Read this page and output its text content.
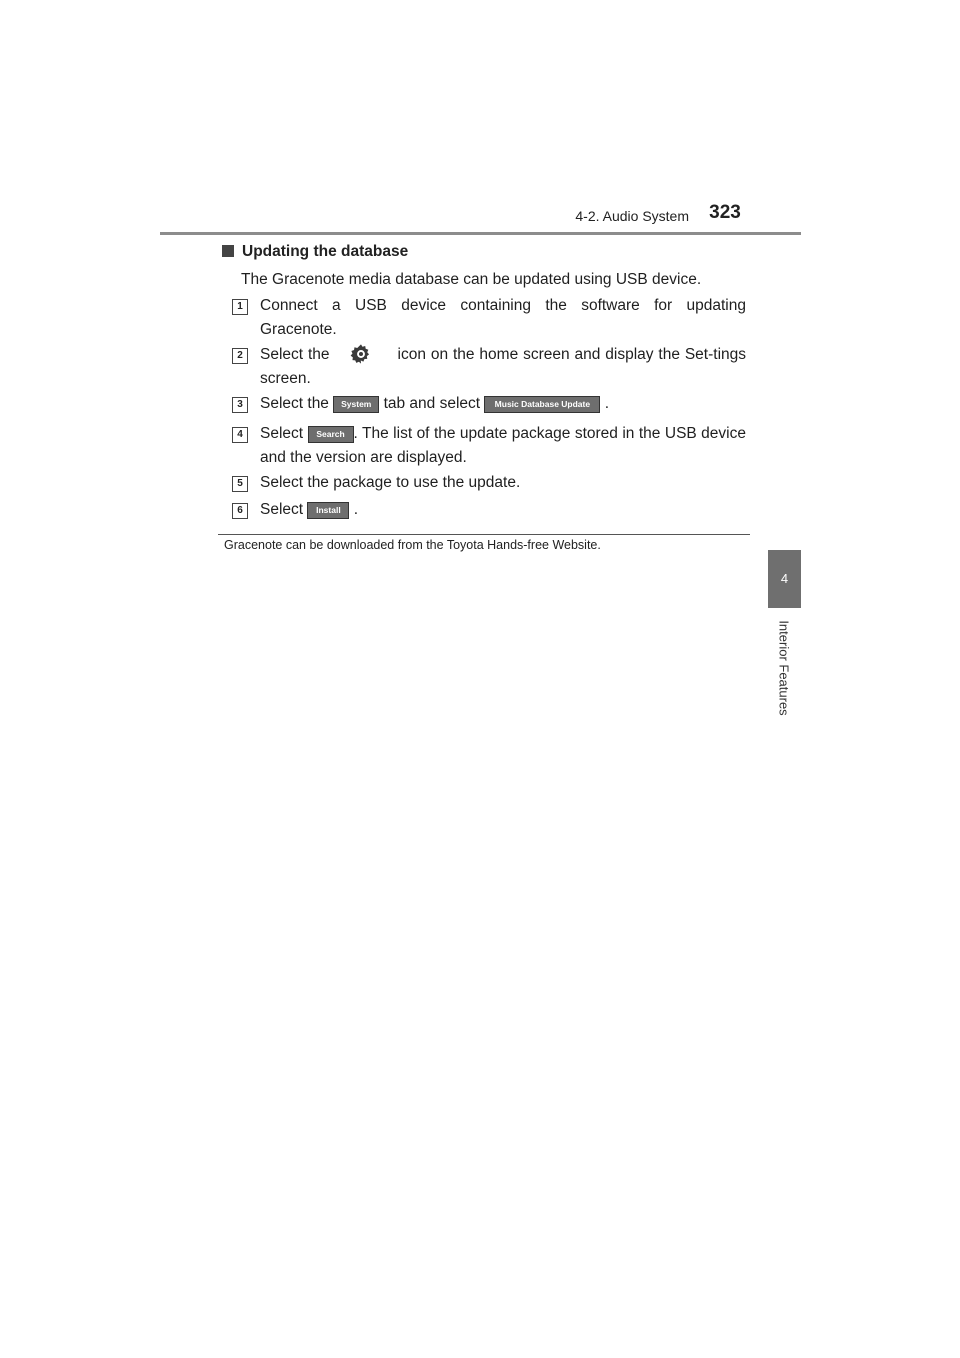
4-2. Audio System	323
4
Interior Features
Updating the database
The Gracenote media database can be updated using USB device.
1	Connect a USB device containing the software for updating Gracenote.
2	Select the	icon on the home screen and display the Set-tings screen.
3	Select the System tab and select Music Database Update .
4	Select Search . The list of the update package stored in the USB device and the version are displayed.
5	Select the package to use the update.
6	Select Install .
Gracenote can be downloaded from the Toyota Hands-free Website.
